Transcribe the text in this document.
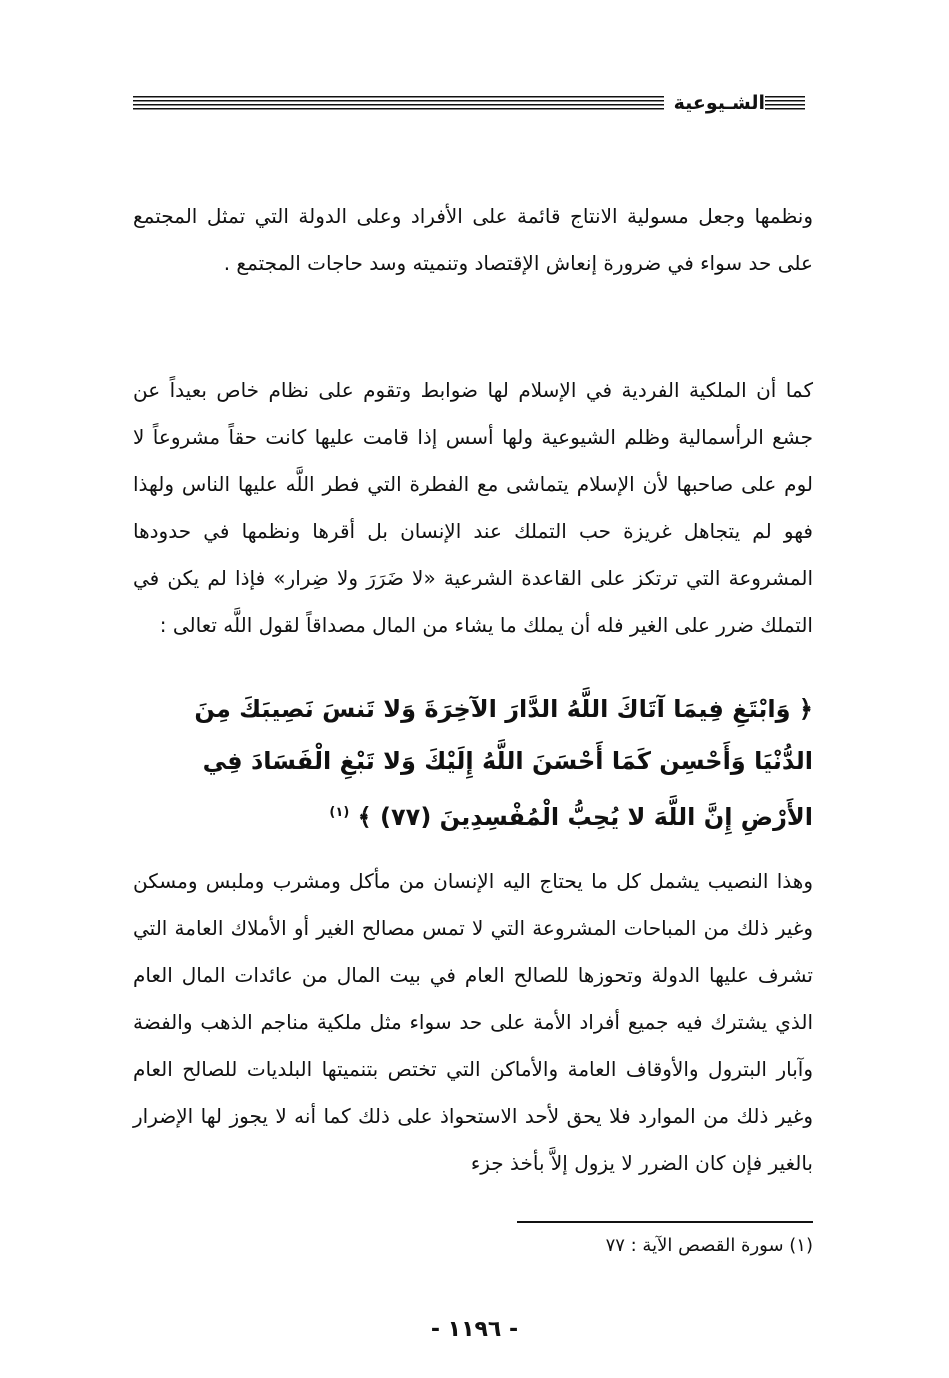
الشـيوعية

ونظمها وجعل مسولية الانتاج قائمة على الأفراد وعلى الدولة التي تمثل المجتمع على حد سواء في ضرورة إنعاش الإقتصاد وتنميته وسد حاجات المجتمع .

كما أن الملكية الفردية في الإسلام لها ضوابط وتقوم على نظام خاص بعيداً عن جشع الرأسمالية وظلم الشيوعية ولها أسس إذا قامت عليها كانت حقاً مشروعاً لا لوم على صاحبها لأن الإسلام يتماشى مع الفطرة التي فطر اللَّه عليها الناس ولهذا فهو لم يتجاهل غريزة حب التملك عند الإنسان بل أقرها ونظمها في حدودها المشروعة التي ترتكز على القاعدة الشرعية «لا ضَرَرَ ولا ضِرار» فإذا لم يكن في التملك ضرر على الغير فله أن يملك ما يشاء من المال مصداقاً لقول اللَّه تعالى :

﴿ وَابْتَغِ فِيمَا آتَاكَ اللَّهُ الدَّارَ الآخِرَةَ وَلا تَنسَ نَصِيبَكَ مِنَ الدُّنْيَا وَأَحْسِن كَمَا أَحْسَنَ اللَّهُ إِلَيْكَ وَلا تَبْغِ الْفَسَادَ فِي الأَرْضِ إِنَّ اللَّهَ لا يُحِبُّ الْمُفْسِدِينَ (٧٧) ﴾ $^{(١)}$

وهذا النصيب يشمل كل ما يحتاج اليه الإنسان من مأكل ومشرب وملبس ومسكن وغير ذلك من المباحات المشروعة التي لا تمس مصالح الغير أو الأملاك العامة التي تشرف عليها الدولة وتحوزها للصالح العام في بيت المال من عائدات المال العام الذي يشترك فيه جميع أفراد الأمة على حد سواء مثل ملكية مناجم الذهب والفضة وآبار البترول والأوقاف العامة والأماكن التي تختص بتنميتها البلديات للصالح العام وغير ذلك من الموارد فلا يحق لأحد الاستحواذ على ذلك كما أنه لا يجوز لها الإضرار بالغير فإن كان الضرر لا يزول إلاَّ بأخذ جزء

(١) سورة القصص الآية : ٧٧
- ١١٩٦ -
